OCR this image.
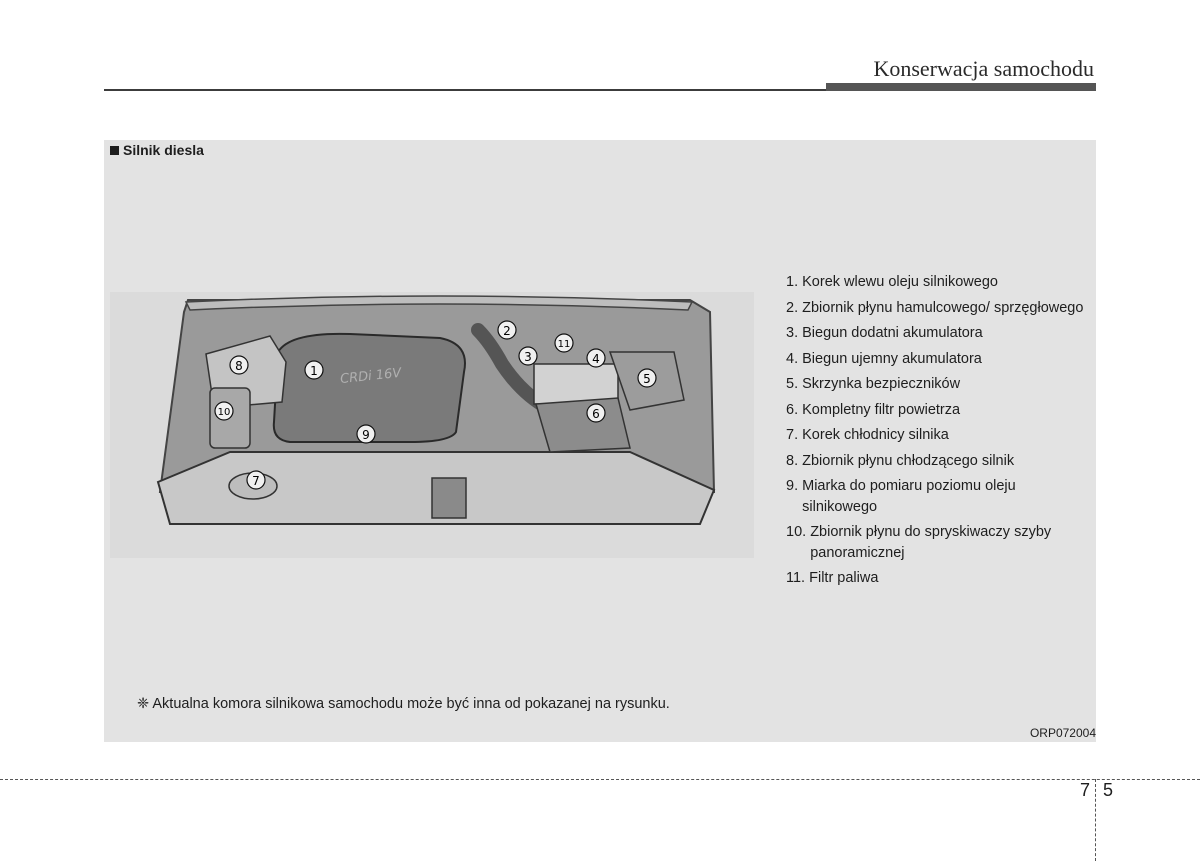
Konserwacja samochodu
Silnik diesla
CRDi 16V
1
2
3	4
5
6
7
8
9
10
11
1. Korek wlewu oleju silnikowego
2. Zbiornik płynu hamulcowego/ sprzęgłowego
3. Biegun dodatni akumulatora
4. Biegun ujemny akumulatora
5. Skrzynka bezpieczników
6. Kompletny filtr powietrza
7. Korek chłodnicy silnika
8. Zbiornik płynu chłodzącego silnik
9. Miarka do pomiaru poziomu oleju silnikowego
10. Zbiornik płynu do spryskiwaczy szyby panoramicznej
11. Filtr paliwa
❈ Aktualna komora silnikowa samochodu może być inna od pokazanej na rysunku.
ORP072004
7 5
